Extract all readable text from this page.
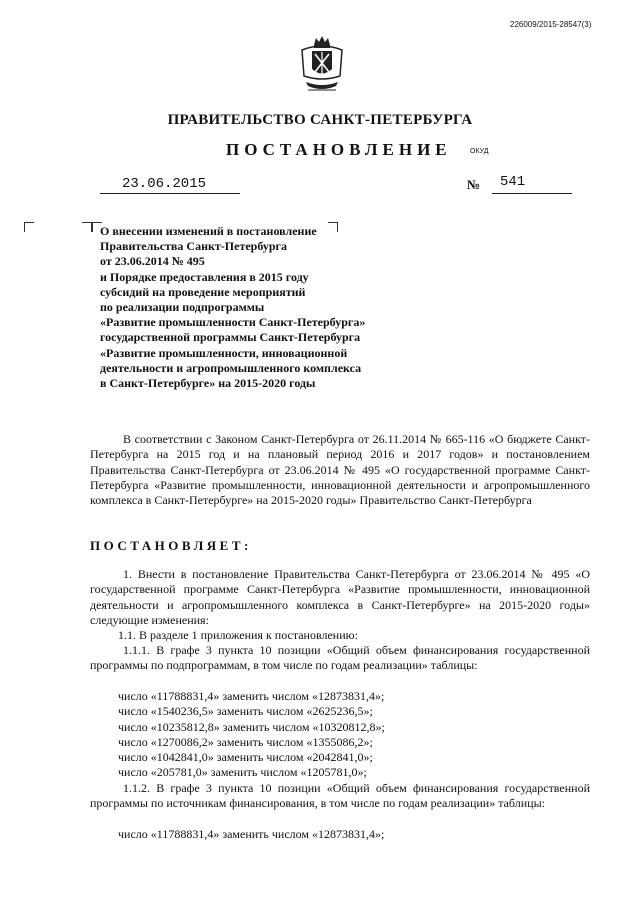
226009/2015-28547(3)
ПРАВИТЕЛЬСТВО САНКТ-ПЕТЕРБУРГА
ПОСТАНОВЛЕНИЕ	ОКУД
23.06.2015	№ 541
О внесении изменений в постановление
Правительства Санкт-Петербурга
от 23.06.2014 № 495
и Порядке предоставления в 2015 году
субсидий на проведение мероприятий
по реализации подпрограммы
«Развитие промышленности Санкт-Петербурга»
государственной программы Санкт-Петербурга
«Развитие промышленности, инновационной
деятельности и агропромышленного комплекса
в Санкт-Петербурге» на 2015-2020 годы
В соответствии с Законом Санкт-Петербурга от 26.11.2014 № 665-116 «О бюджете Санкт-Петербурга на 2015 год и на плановый период 2016 и 2017 годов» и постановлением Правительства Санкт-Петербурга от 23.06.2014 № 495 «О государственной программе Санкт-Петербурга «Развитие промышленности, инновационной деятельности и агропромышленного комплекса в Санкт-Петербурге» на 2015-2020 годы» Правительство Санкт-Петербурга
ПОСТАНОВЛЯЕТ:
1. Внести в постановление Правительства Санкт-Петербурга от 23.06.2014 № 495 «О государственной программе Санкт-Петербурга «Развитие промышленности, инновационной деятельности и агропромышленного комплекса в Санкт-Петербурге» на 2015-2020 годы» следующие изменения:
1.1. В разделе 1 приложения к постановлению:
1.1.1. В графе 3 пункта 10 позиции «Общий объем финансирования государственной программы по подпрограммам, в том числе по годам реализации» таблицы:
число «11788831,4» заменить числом «12873831,4»;
число «1540236,5» заменить числом «2625236,5»;
число «10235812,8» заменить числом «10320812,8»;
число «1270086,2» заменить числом «1355086,2»;
число «1042841,0» заменить числом «2042841,0»;
число «205781,0» заменить числом «1205781,0»;
1.1.2. В графе 3 пункта 10 позиции «Общий объем финансирования государственной программы по источникам финансирования, в том числе по годам реализации» таблицы:
число «11788831,4» заменить числом «12873831,4»;
